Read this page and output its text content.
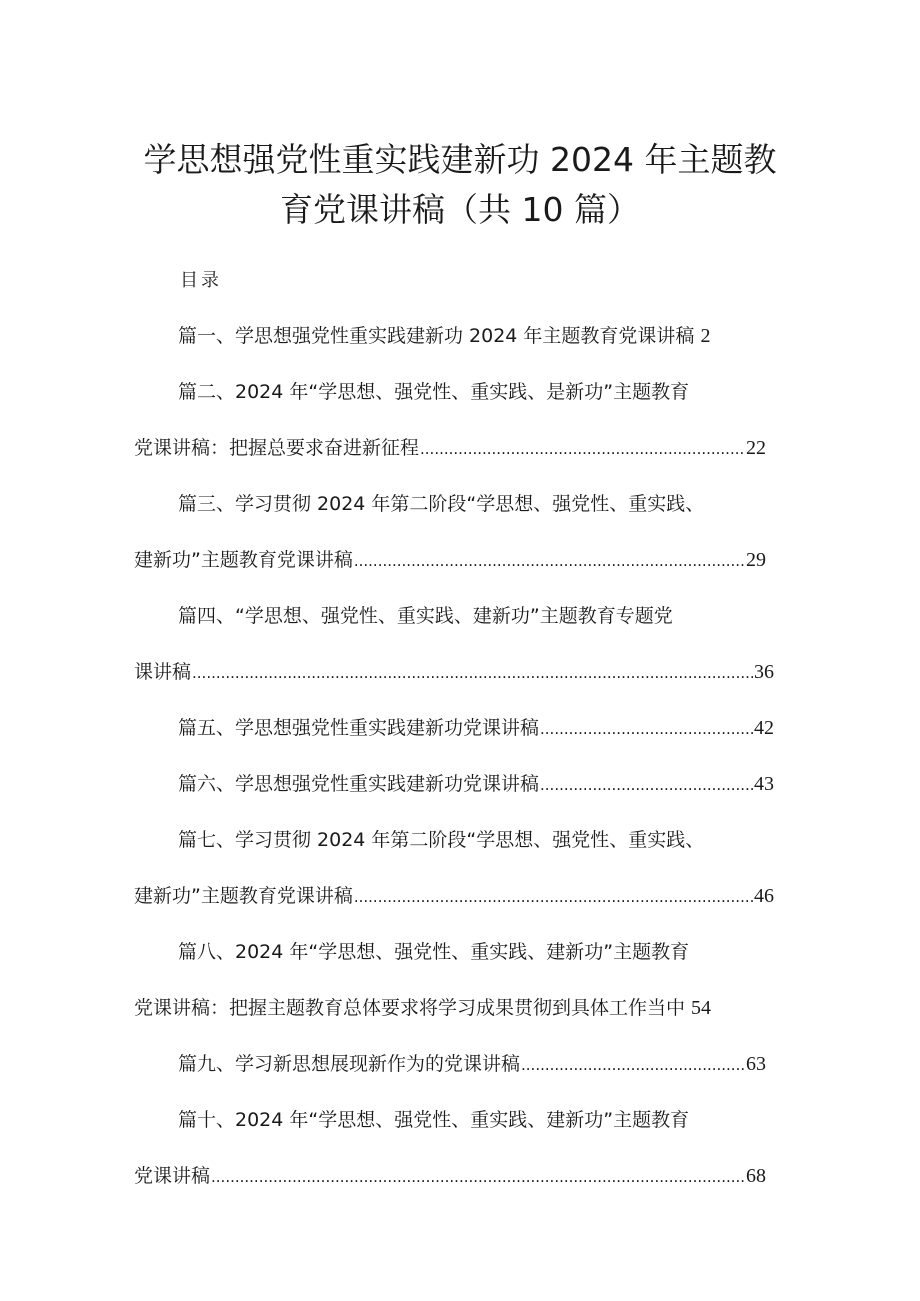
学思想强党性重实践建新功 2024 年主题教
育党课讲稿（共 10 篇）
目录
篇一、学思想强党性重实践建新功 2024 年主题教育党课讲稿 2
篇二、2024 年“学思想、强党性、重实践、是新功”主题教育
党课讲稿：把握总要求奋进新征程 .....	22
篇三、学习贯彻 2024 年第二阶段“学思想、强党性、重实践、
建新功”主题教育党课讲稿 .....	29
篇四、“学思想、强党性、重实践、建新功”主题教育专题党
课讲稿 .....	36
篇五、学思想强党性重实践建新功党课讲稿 .....	42
篇六、学思想强党性重实践建新功党课讲稿 .....	43
篇七、学习贯彻 2024 年第二阶段“学思想、强党性、重实践、
建新功”主题教育党课讲稿 .....	46
篇八、2024 年“学思想、强党性、重实践、建新功”主题教育
党课讲稿：把握主题教育总体要求将学习成果贯彻到具体工作当中 54
篇九、学习新思想展现新作为的党课讲稿 .....	63
篇十、2024 年“学思想、强党性、重实践、建新功”主题教育
党课讲稿 .....	68
